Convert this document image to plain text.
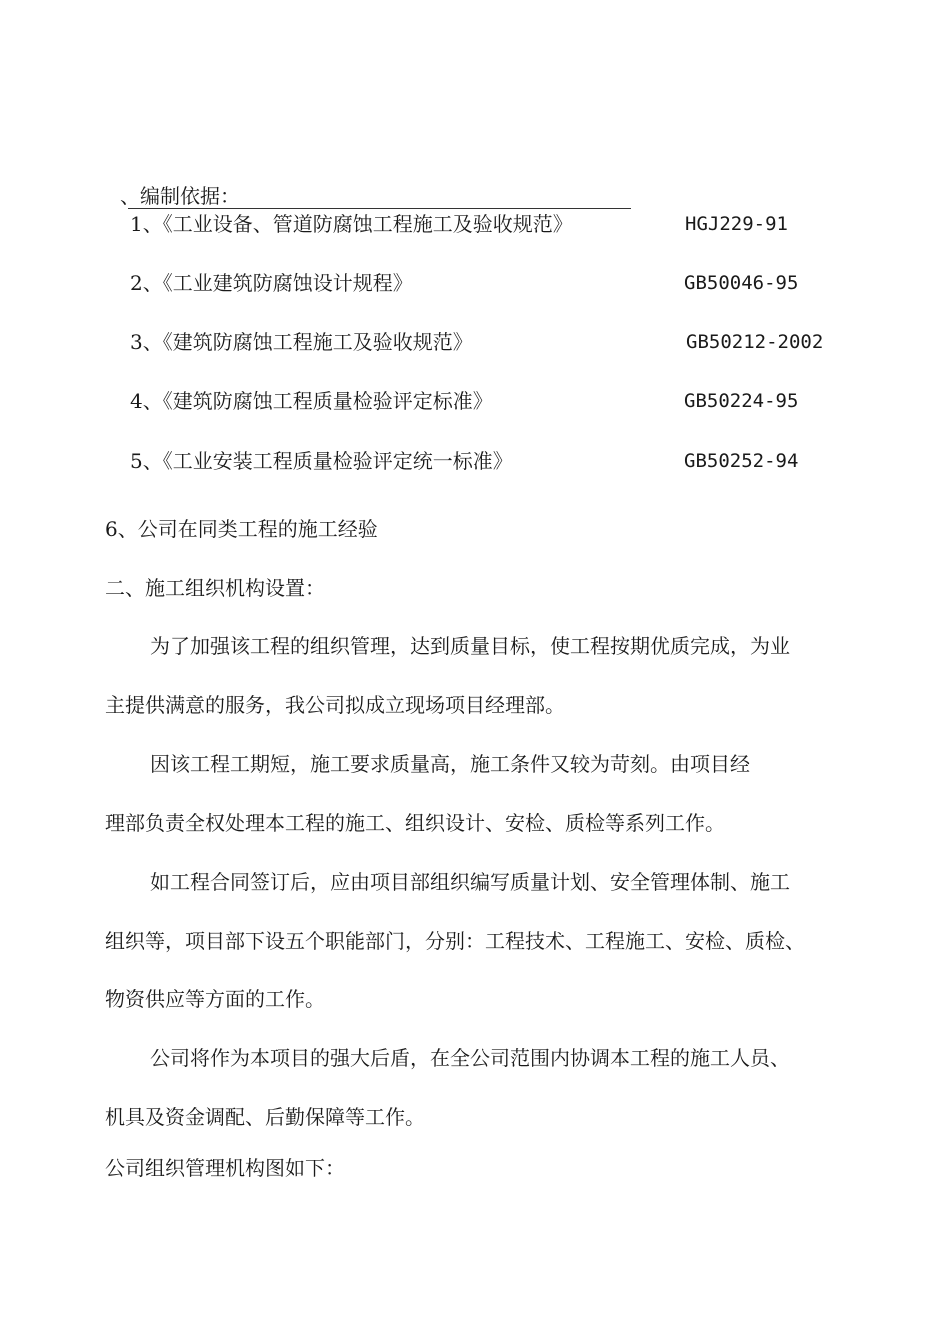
、编制依据：
1、《工业设备、管道防腐蚀工程施工及验收规范》	HGJ229-91
2、《工业建筑防腐蚀设计规程》	GB50046-95
3、《建筑防腐蚀工程施工及验收规范》	GB50212-2002
4、《建筑防腐蚀工程质量检验评定标准》	GB50224-95
5、《工业安装工程质量检验评定统一标准》	GB50252-94
6、公司在同类工程的施工经验
二、施工组织机构设置：
为了加强该工程的组织管理，达到质量目标，使工程按期优质完成，为业
主提供满意的服务，我公司拟成立现场项目经理部。
因该工程工期短，施工要求质量高，施工条件又较为苛刻。由项目经
理部负责全权处理本工程的施工、组织设计、安检、质检等系列工作。
如工程合同签订后，应由项目部组织编写质量计划、安全管理体制、施工
组织等，项目部下设五个职能部门，分别：工程技术、工程施工、安检、质检、
物资供应等方面的工作。
公司将作为本项目的强大后盾，在全公司范围内协调本工程的施工人员、
机具及资金调配、后勤保障等工作。
公司组织管理机构图如下：
